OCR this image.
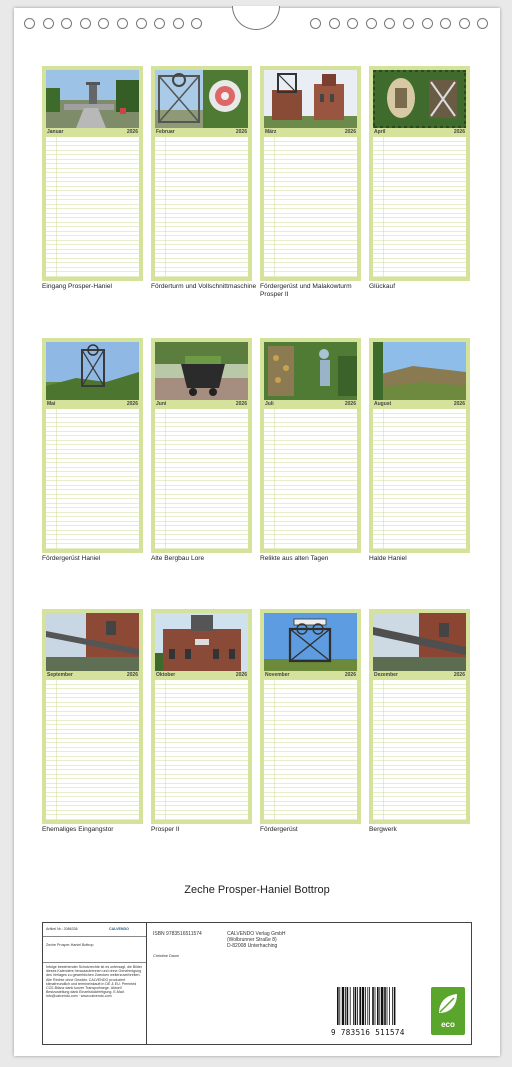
Januar	2026	Februar	2026	März	2026	April	2026
Mai	2026	Juni	2026	Juli	2026	August	2026
September	2026	Oktober	2026	November	2026	Dezember	2026
Eingang Prosper-Haniel	Förderturm und Vollschnittmaschine Fördergerüst und Malakowturm Prosper II
Glückauf
Fördergerüst Haniel	Alte Bergbau Lore	Relikte aus alten Tagen	Halde Haniel
Ehemaliges Eingangstor	Prosper II	Fördergerüst	Bergwerk
Zeche Prosper-Haniel Bottrop
Artikel Nr.: 2086336	CALVENDO
Zeche Prosper-Haniel Bottrop
Infolge bestehender Schutzrechte ist es untersagt, die Bilder dieses Kalenders herauszutrennen und ohne Genehmigung des Verlages zu gewerblichen Zwecken weiterzuverbreiten. Alle Rechte ohne Gewähr. CALVENDO produziert klimafreundlich und termineinkauft in DE & EU. Prerinted CO2-Bilanz dank kurzer Transportwege. Aktuell Bestzustellung dank Einzelstückfertigung. E-Mail: info@calvendo.com · www.calvendo.com
ISBN 9783516511574	CALVENDO Verlag GmbH
(Wolbrunner Straße 8)
D-82008 Unterhaching
Christine Daum
9 783516 511574
eco
